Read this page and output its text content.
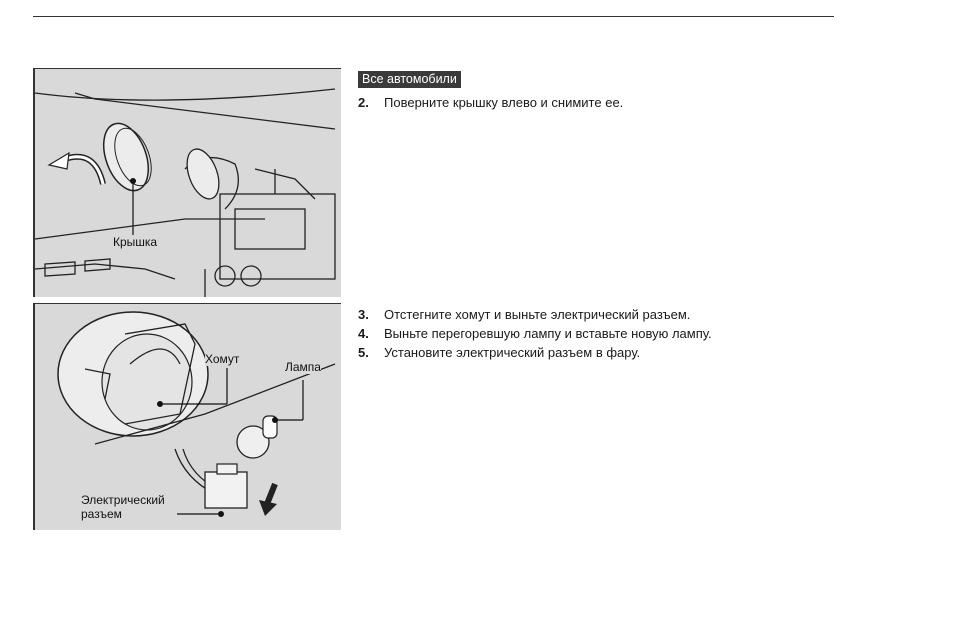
Крышка
Хомут
Лампа
Электрический разъем
Все автомобили
2. Поверните крышку влево и снимите ее.
3. Отстегните хомут и выньте электрический разъем.
4. Выньте перегоревшую лампу и вставьте новую лампу.
5. Установите электрический разъем в фару.
